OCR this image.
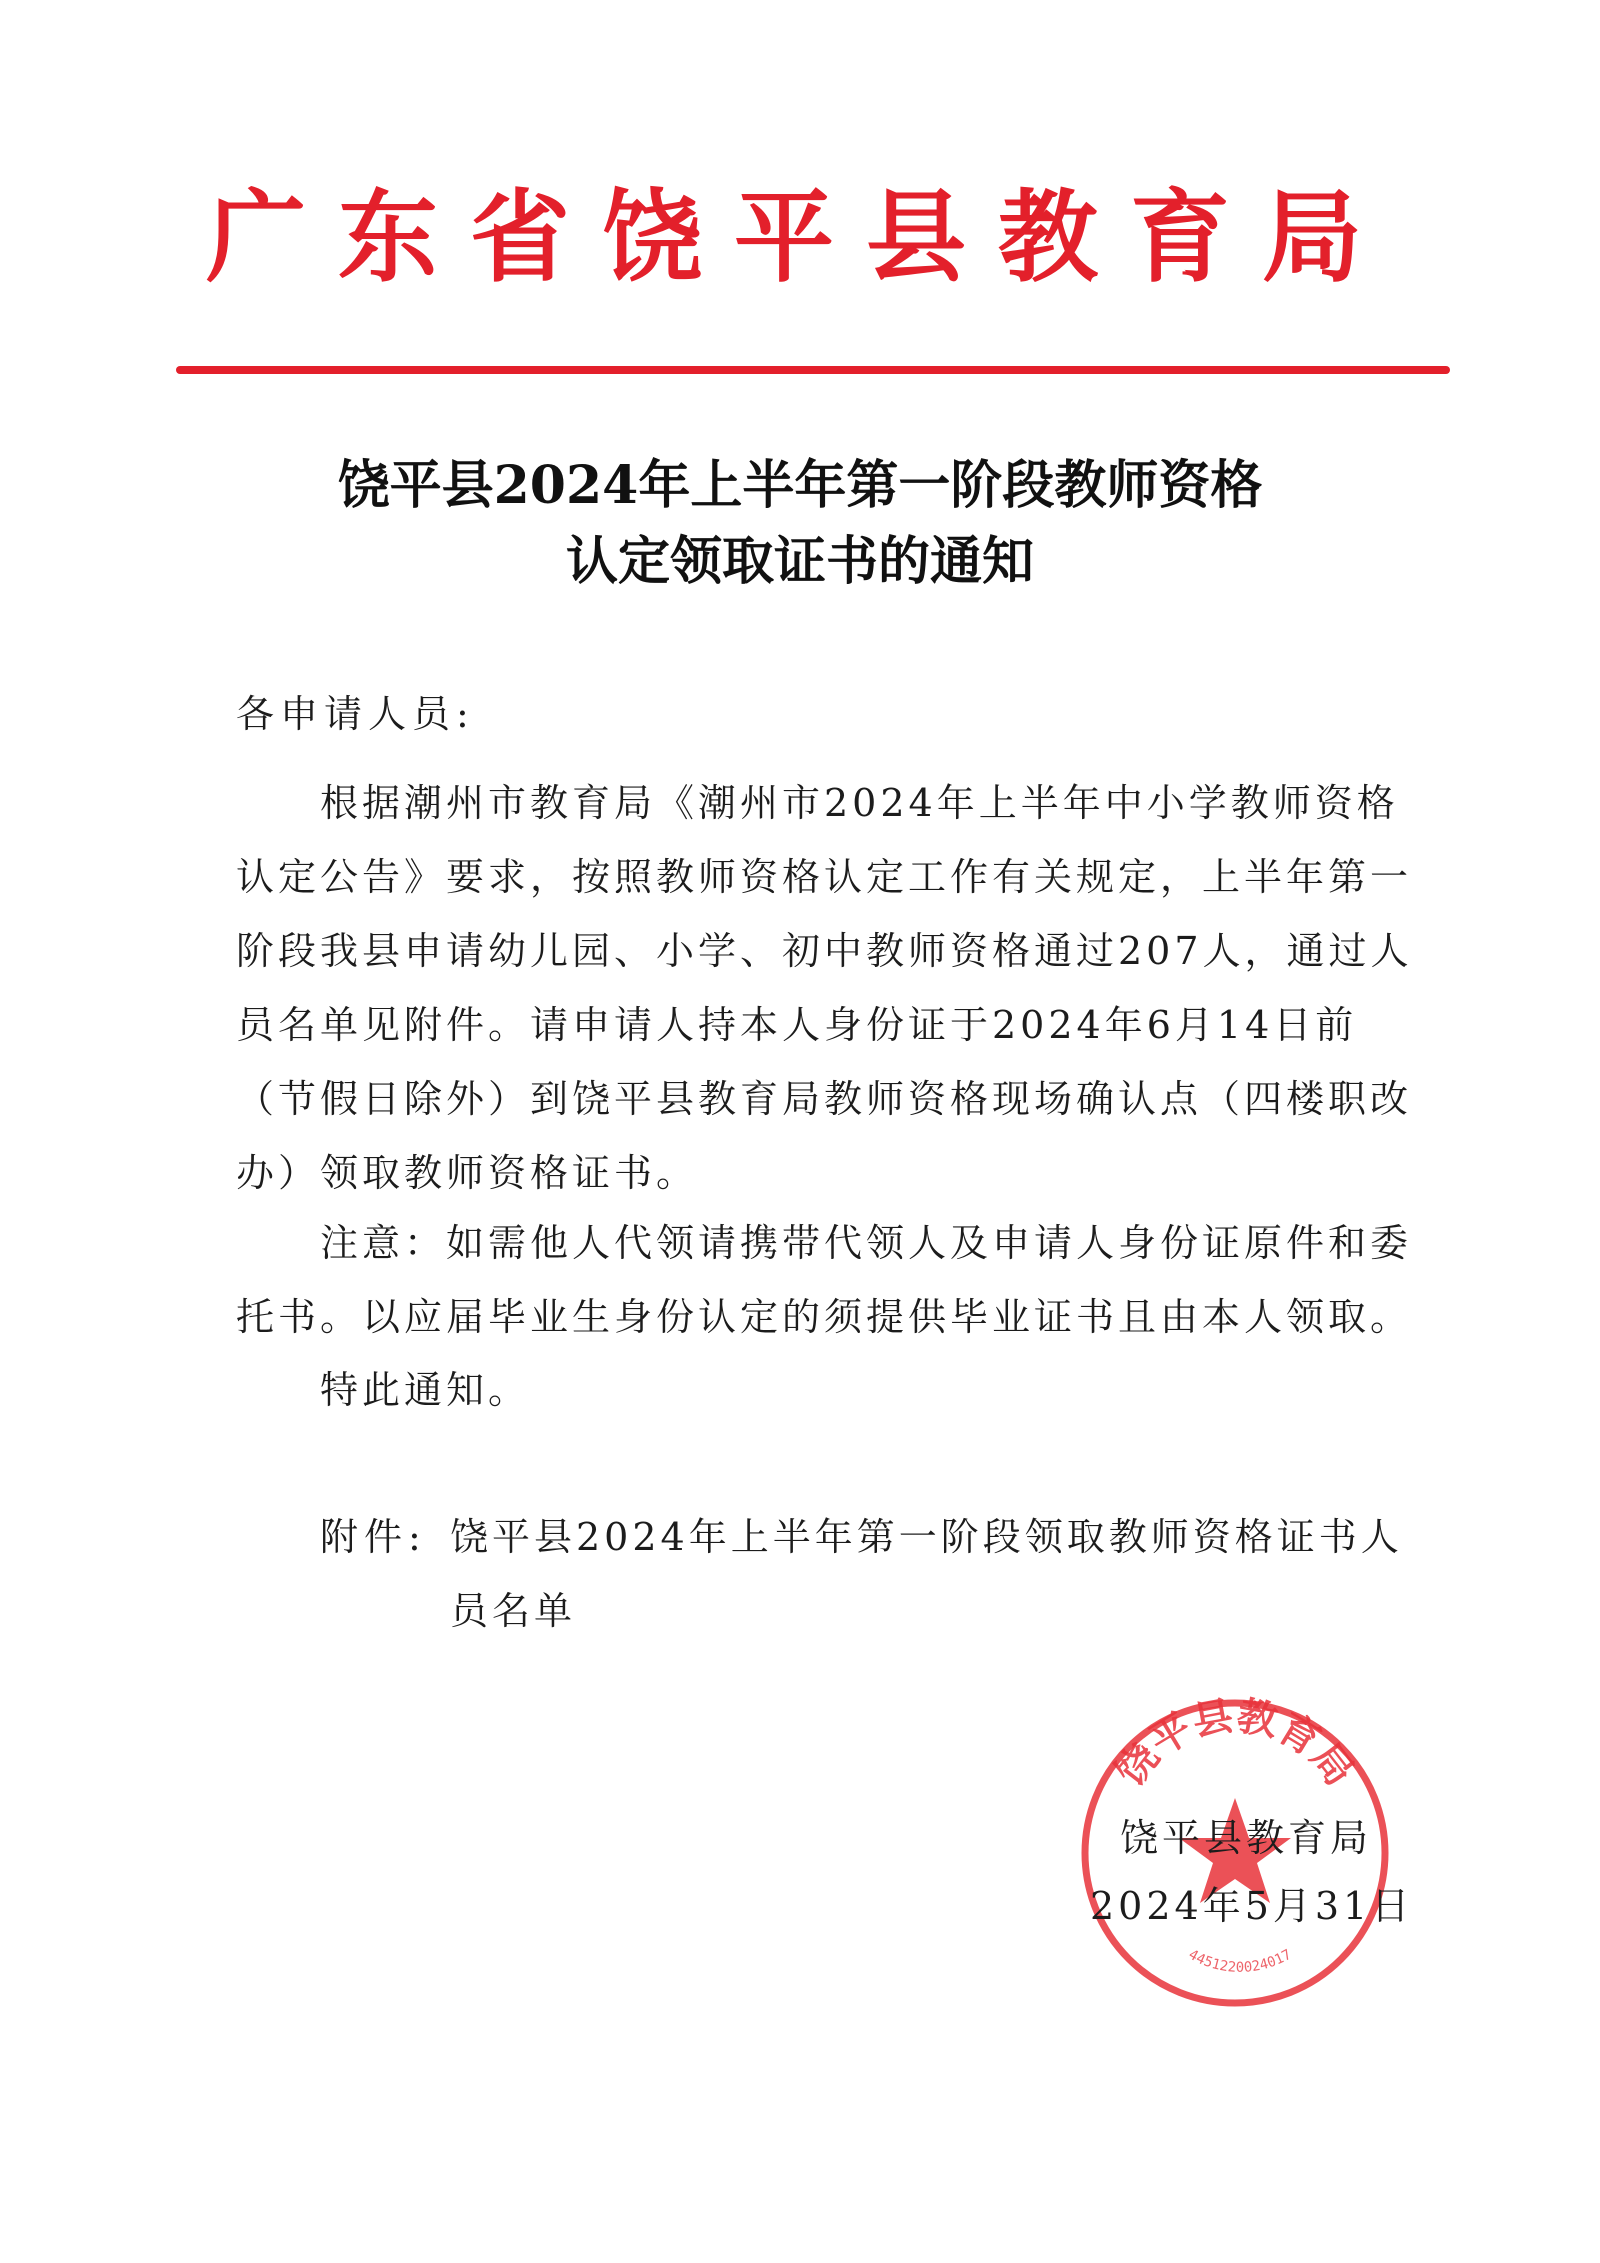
广东省饶平县教育局
饶平县2024年上半年第一阶段教师资格
认定领取证书的通知
各申请人员:

根据潮州市教育局《潮州市2024年上半年中小学教师资格认定公告》要求，按照教师资格认定工作有关规定，上半年第一阶段我县申请幼儿园、小学、初中教师资格通过207人，通过人员名单见附件。请申请人持本人身份证于2024年6月14日前（节假日除外）到饶平县教育局教师资格现场确认点（四楼职改办）领取教师资格证书。

注意：如需他人代领请携带代领人及申请人身份证原件和委托书。以应届毕业生身份认定的须提供毕业证书且由本人领取。

特此通知。

附件: 饶平县2024年上半年第一阶段领取教师资格证书人员名单

饶平县教育局
4451220024017
饶平县教育局
2024年5月31日
